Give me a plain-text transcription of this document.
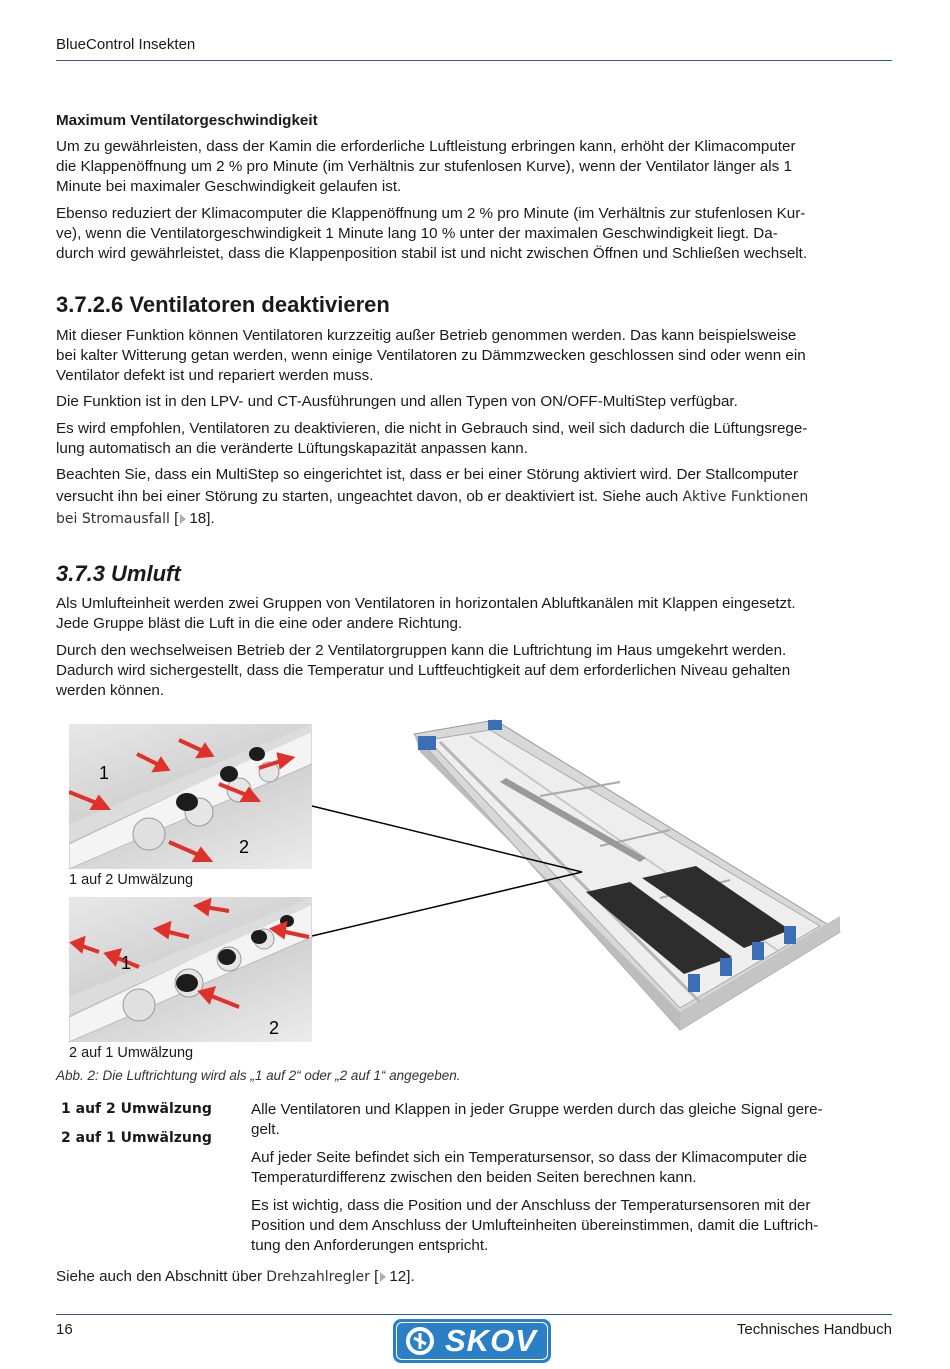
BlueControl Insekten
Maximum Ventilatorgeschwindigkeit

Um zu gewährleisten, dass der Kamin die erforderliche Luftleistung erbringen kann, erhöht der Klimacomputer

die Klappenöffnung um 2 % pro Minute (im Verhältnis zur stufenlosen Kurve), wenn der Ventilator länger als 1

Minute bei maximaler Geschwindigkeit gelaufen ist.

Ebenso reduziert der Klimacomputer die Klappenöffnung um 2 % pro Minute (im Verhältnis zur stufenlosen Kur-

ve), wenn die Ventilatorgeschwindigkeit 1 Minute lang 10 % unter der maximalen Geschwindigkeit liegt. Da-

durch wird gewährleistet, dass die Klappenposition stabil ist und nicht zwischen Öffnen und Schließen wechselt.

3.7.2.6 Ventilatoren deaktivieren

Mit dieser Funktion können Ventilatoren kurzzeitig außer Betrieb genommen werden. Das kann beispielsweise

bei kalter Witterung getan werden, wenn einige Ventilatoren zu Dämmzwecken geschlossen sind oder wenn ein

Ventilator defekt ist und repariert werden muss.

Die Funktion ist in den LPV- und CT-Ausführungen und allen Typen von ON/OFF-MultiStep verfügbar.

Es wird empfohlen, Ventilatoren zu deaktivieren, die nicht in Gebrauch sind, weil sich dadurch die Lüftungsrege-

lung automatisch an die veränderte Lüftungskapazität anpassen kann.

Beachten Sie, dass ein MultiStep so eingerichtet ist, dass er bei einer Störung aktiviert wird. Der Stallcomputer

versucht ihn bei einer Störung zu starten, ungeachtet davon, ob er deaktiviert ist. Siehe auch Aktive Funktionen

bei Stromausfall [ 18].

3.7.3 Umluft

Als Umlufteinheit werden zwei Gruppen von Ventilatoren in horizontalen Abluftkanälen mit Klappen eingesetzt.

Jede Gruppe bläst die Luft in die eine oder andere Richtung.

Durch den wechselweisen Betrieb der 2 Ventilatorgruppen kann die Luftrichtung im Haus umgekehrt werden.

Dadurch wird sichergestellt, dass die Temperatur und Luftfeuchtigkeit auf dem erforderlichen Niveau gehalten

werden können.

1
2
1 auf 2 Umwälzung
1
2
2 auf 1 Umwälzung
Abb. 2: Die Luftrichtung wird als „1 auf 2“ oder „2 auf 1“ angegeben.
1 auf 2 Umwälzung
2 auf 1 Umwälzung

Alle Ventilatoren und Klappen in jeder Gruppe werden durch das gleiche Signal gere-

gelt.

Auf jeder Seite befindet sich ein Temperatursensor, so dass der Klimacomputer die

Temperaturdifferenz zwischen den beiden Seiten berechnen kann.

Es ist wichtig, dass die Position und der Anschluss der Temperatursensoren mit der

Position und dem Anschluss der Umlufteinheiten übereinstimmen, damit die Luftrich-

tung den Anforderungen entspricht.

Siehe auch den Abschnitt über Drehzahlregler [ 12].
16	SKOV	Technisches Handbuch
